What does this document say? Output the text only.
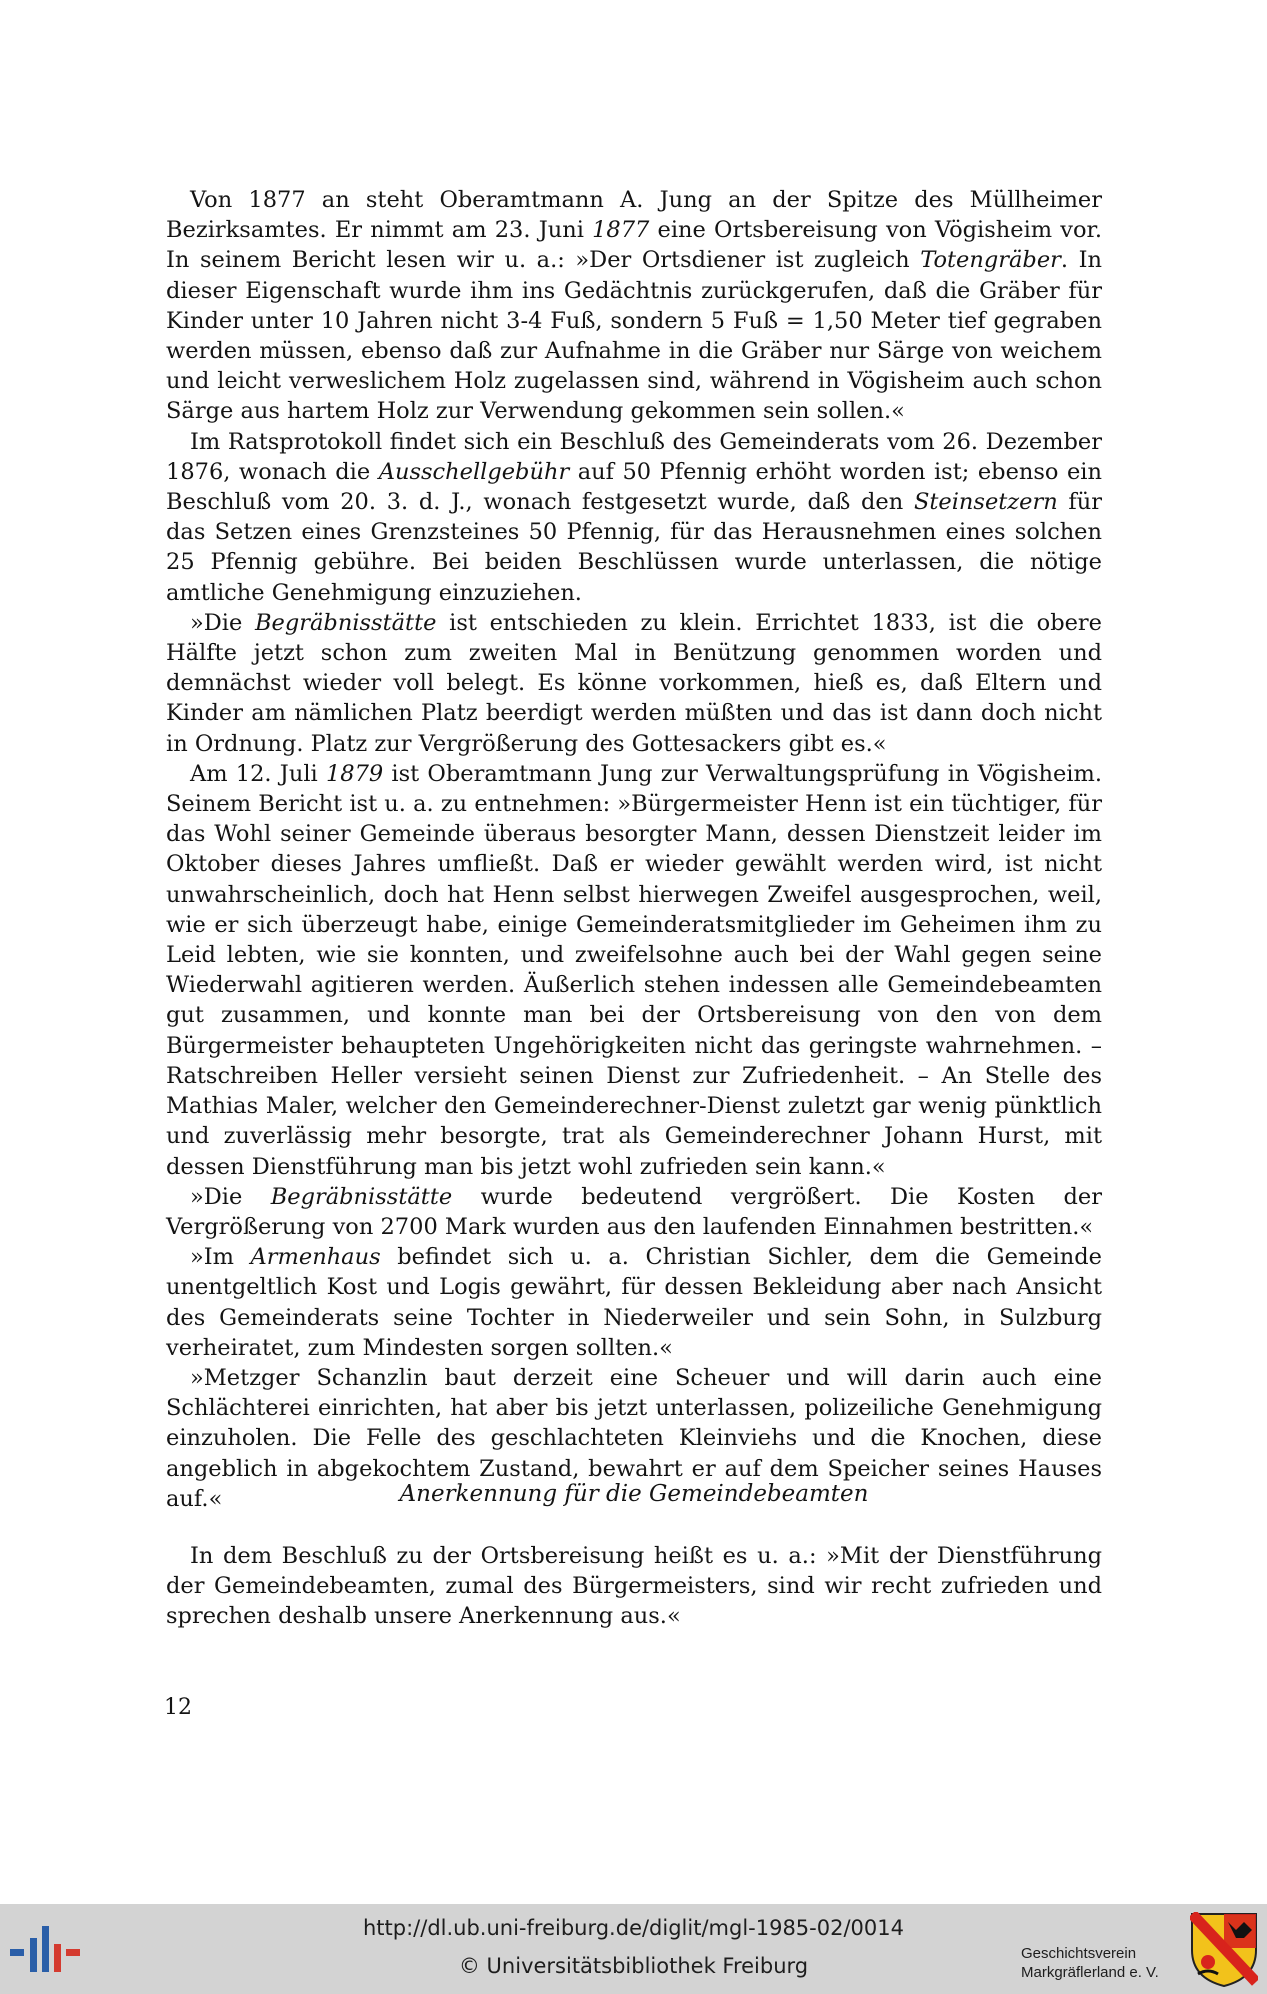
Von 1877 an steht Oberamtmann A. Jung an der Spitze des Müllheimer Bezirksamtes. Er nimmt am 23. Juni 1877 eine Ortsbereisung von Vögisheim vor. In seinem Bericht lesen wir u. a.: »Der Ortsdiener ist zugleich Totengräber. In dieser Eigenschaft wurde ihm ins Gedächtnis zurückgerufen, daß die Gräber für Kinder unter 10 Jahren nicht 3-4 Fuß, sondern 5 Fuß = 1,50 Meter tief gegraben werden müssen, ebenso daß zur Aufnahme in die Gräber nur Särge von weichem und leicht verweslichem Holz zugelassen sind, während in Vögisheim auch schon Särge aus hartem Holz zur Verwendung gekommen sein sollen.«

Im Ratsprotokoll findet sich ein Beschluß des Gemeinderats vom 26. Dezember 1876, wonach die Ausschellgebühr auf 50 Pfennig erhöht worden ist; ebenso ein Beschluß vom 20. 3. d. J., wonach festgesetzt wurde, daß den Steinsetzern für das Setzen eines Grenzsteines 50 Pfennig, für das Herausnehmen eines solchen 25 Pfennig gebühre. Bei beiden Beschlüssen wurde unterlassen, die nötige amtliche Genehmigung einzuziehen.

»Die Begräbnisstätte ist entschieden zu klein. Errichtet 1833, ist die obere Hälfte jetzt schon zum zweiten Mal in Benützung genommen worden und demnächst wieder voll belegt. Es könne vorkommen, hieß es, daß Eltern und Kinder am nämlichen Platz beerdigt werden müßten und das ist dann doch nicht in Ordnung. Platz zur Vergrößerung des Gottesackers gibt es.«

Am 12. Juli 1879 ist Oberamtmann Jung zur Verwaltungsprüfung in Vögisheim. Seinem Bericht ist u. a. zu entnehmen: »Bürgermeister Henn ist ein tüchtiger, für das Wohl seiner Gemeinde überaus besorgter Mann, dessen Dienstzeit leider im Oktober dieses Jahres umfließt. Daß er wieder gewählt werden wird, ist nicht unwahrscheinlich, doch hat Henn selbst hierwegen Zweifel ausgesprochen, weil, wie er sich überzeugt habe, einige Gemeinderatsmitglieder im Geheimen ihm zu Leid lebten, wie sie konnten, und zweifelsohne auch bei der Wahl gegen seine Wiederwahl agitieren werden. Äußerlich stehen indessen alle Gemeindebeamten gut zusammen, und konnte man bei der Ortsbereisung von den von dem Bürgermeister behaupteten Ungehörigkeiten nicht das geringste wahrnehmen. – Ratschreiben Heller versieht seinen Dienst zur Zufriedenheit. – An Stelle des Mathias Maler, welcher den Gemeinderechner-Dienst zuletzt gar wenig pünktlich und zuverlässig mehr besorgte, trat als Gemeinderechner Johann Hurst, mit dessen Dienstführung man bis jetzt wohl zufrieden sein kann.«

»Die Begräbnisstätte wurde bedeutend vergrößert. Die Kosten der Vergrößerung von 2700 Mark wurden aus den laufenden Einnahmen bestritten.«

»Im Armenhaus befindet sich u. a. Christian Sichler, dem die Gemeinde unentgeltlich Kost und Logis gewährt, für dessen Bekleidung aber nach Ansicht des Gemeinderats seine Tochter in Niederweiler und sein Sohn, in Sulzburg verheiratet, zum Mindesten sorgen sollten.«

»Metzger Schanzlin baut derzeit eine Scheuer und will darin auch eine Schlächterei einrichten, hat aber bis jetzt unterlassen, polizeiliche Genehmigung einzuholen. Die Felle des geschlachteten Kleinviehs und die Knochen, diese angeblich in abgekochtem Zustand, bewahrt er auf dem Speicher seines Hauses auf.«	Anerkennung für die Gemeindebeamten

In dem Beschluß zu der Ortsbereisung heißt es u. a.: »Mit der Dienstführung der Gemeindebeamten, zumal des Bürgermeisters, sind wir recht zufrieden und sprechen deshalb unsere Anerkennung aus.«

12
http://dl.ub.uni-freiburg.de/diglit/mgl-1985-02/0014
© Universitätsbibliothek Freiburg
Geschichtsverein
Markgräflerland e. V.
